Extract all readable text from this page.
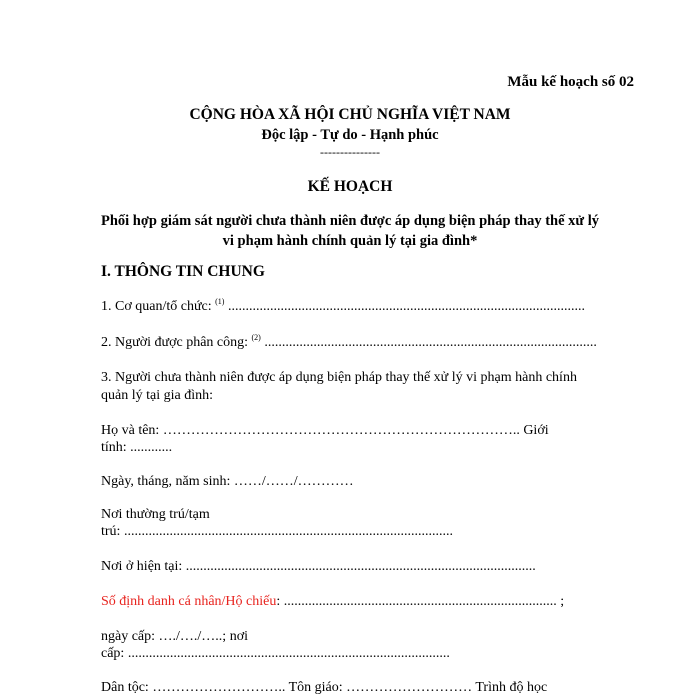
Mẫu kế hoạch số 02
CỘNG HÒA XÃ HỘI CHỦ NGHĨA VIỆT NAM
Độc lập - Tự do - Hạnh phúc
---------------
KẾ HOẠCH
Phối hợp giám sát người chưa thành niên được áp dụng biện pháp thay thế xử lý
vi phạm hành chính quản lý tại gia đình*
I. THÔNG TIN CHUNG
1. Cơ quan/tổ chức: $^{(1)}$ ......................................................................................................
2. Người được phân công: $^{(2)}$ ...............................................................................................
3. Người chưa thành niên được áp dụng biện pháp thay thế xử lý vi phạm hành chính
quản lý tại gia đình:
Họ và tên: ………………………………………………………………….. Giới
tính: ............
Ngày, tháng, năm sinh: ……/……/…………
Nơi thường trú/tạm
trú: ..............................................................................................
Nơi ở hiện tại: ....................................................................................................
Số định danh cá nhân/Hộ chiếu: .............................................................................. ;
ngày cấp: …./…./…..; nơi
cấp: ............................................................................................
Dân tộc: ……………………….. Tôn giáo: ……………………… Trình độ học
